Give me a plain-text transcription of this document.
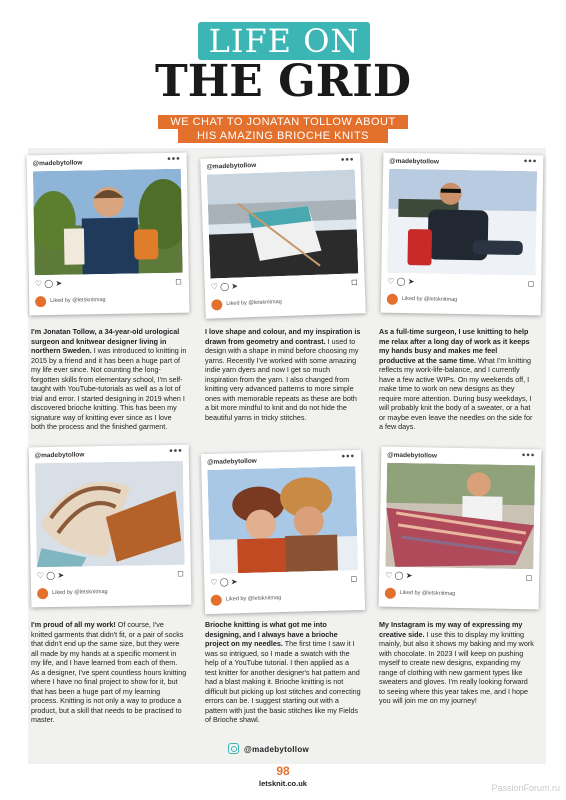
LIFE ON
THE GRID
WE CHAT TO JONATAN TOLLOW ABOUT
HIS AMAZING BRIOCHE KNITS
@madebytollow	•••
♡ ◯ ➤	◻
Liked by @letsknitmag
@madebytollow
•••
♡ ◯ ➤	◻
Liked by @letsknitmag
@madebytollow	•••
♡ ◯ ➤	◻
Liked by @letsknitmag
I'm Jonatan Tollow, a 34-year-old urological surgeon and knitwear designer living in northern Sweden. I was introduced to knitting in 2015 by a friend and it has been a huge part of my life ever since. Not counting the long-forgotten skills from elementary school, I'm self-taught with YouTube-tutorials as well as a lot of trial and error. I started designing in 2019 when I discovered brioche knitting. This has been my signature way of knitting ever since as I love both the process and the finished garment.
I love shape and colour, and my inspiration is drawn from geometry and contrast. I used to design with a shape in mind before choosing my yarns. Recently I've worked with some amazing indie yarn dyers and now I get so much inspiration from the yarn. I also changed from knitting very advanced patterns to more simple ones with memorable repeats as these are both a bit more mindful to knit and do not hide the beautiful yarns in tricky stitches.
As a full-time surgeon, I use knitting to help me relax after a long day of work as it keeps my hands busy and makes me feel productive at the same time. What I'm knitting reflects my work-life-balance, and I currently have a few active WIPs. On my weekends off, I make time to work on new designs as they require more attention. During busy weekdays, I will probably knit the body of a sweater, or a hat or maybe even leave the needles on the side for a few days.
@madebytollow	•••
♡ ◯ ➤	◻
Liked by @letsknitmag
@madebytollow	•••
♡ ◯ ➤	◻
Liked by @letsknitmag
@madebytollow	•••
♡ ◯ ➤	◻
Liked by @letsknitmag
I'm proud of all my work! Of course, I've knitted garments that didn't fit, or a pair of socks that didn't end up the same size, but they were all made by my hands at a specific moment in my life, and I have learned from each of them. As a designer, I've spent countless hours knitting where I have no final project to show for it, but that has been a huge part of my learning process. Knitting is not only a way to produce a product, but a skill that needs to be practised to master.
Brioche knitting is what got me into designing, and I always have a brioche project on my needles. The first time I saw it I was so intrigued, so I made a swatch with the help of a YouTube tutorial. I then applied as a test knitter for another designer's hat pattern and had a blast making it. Brioche knitting is not difficult but picking up lost stitches and correcting errors can be. I suggest starting out with a pattern with just the basic stitches like my Fields of Brioche shawl.
My Instagram is my way of expressing my creative side. I use this to display my knitting mainly, but also it shows my baking and my work with chocolate. In 2023 I will keep on pushing myself to create new designs, expanding my range of clothing with new garment types like sweaters and gloves. I'm really looking forward to seeing where this year takes me, and I hope you will join me on my journey!
@madebytollow
98
letsknit.co.uk	PassionForum.ru
